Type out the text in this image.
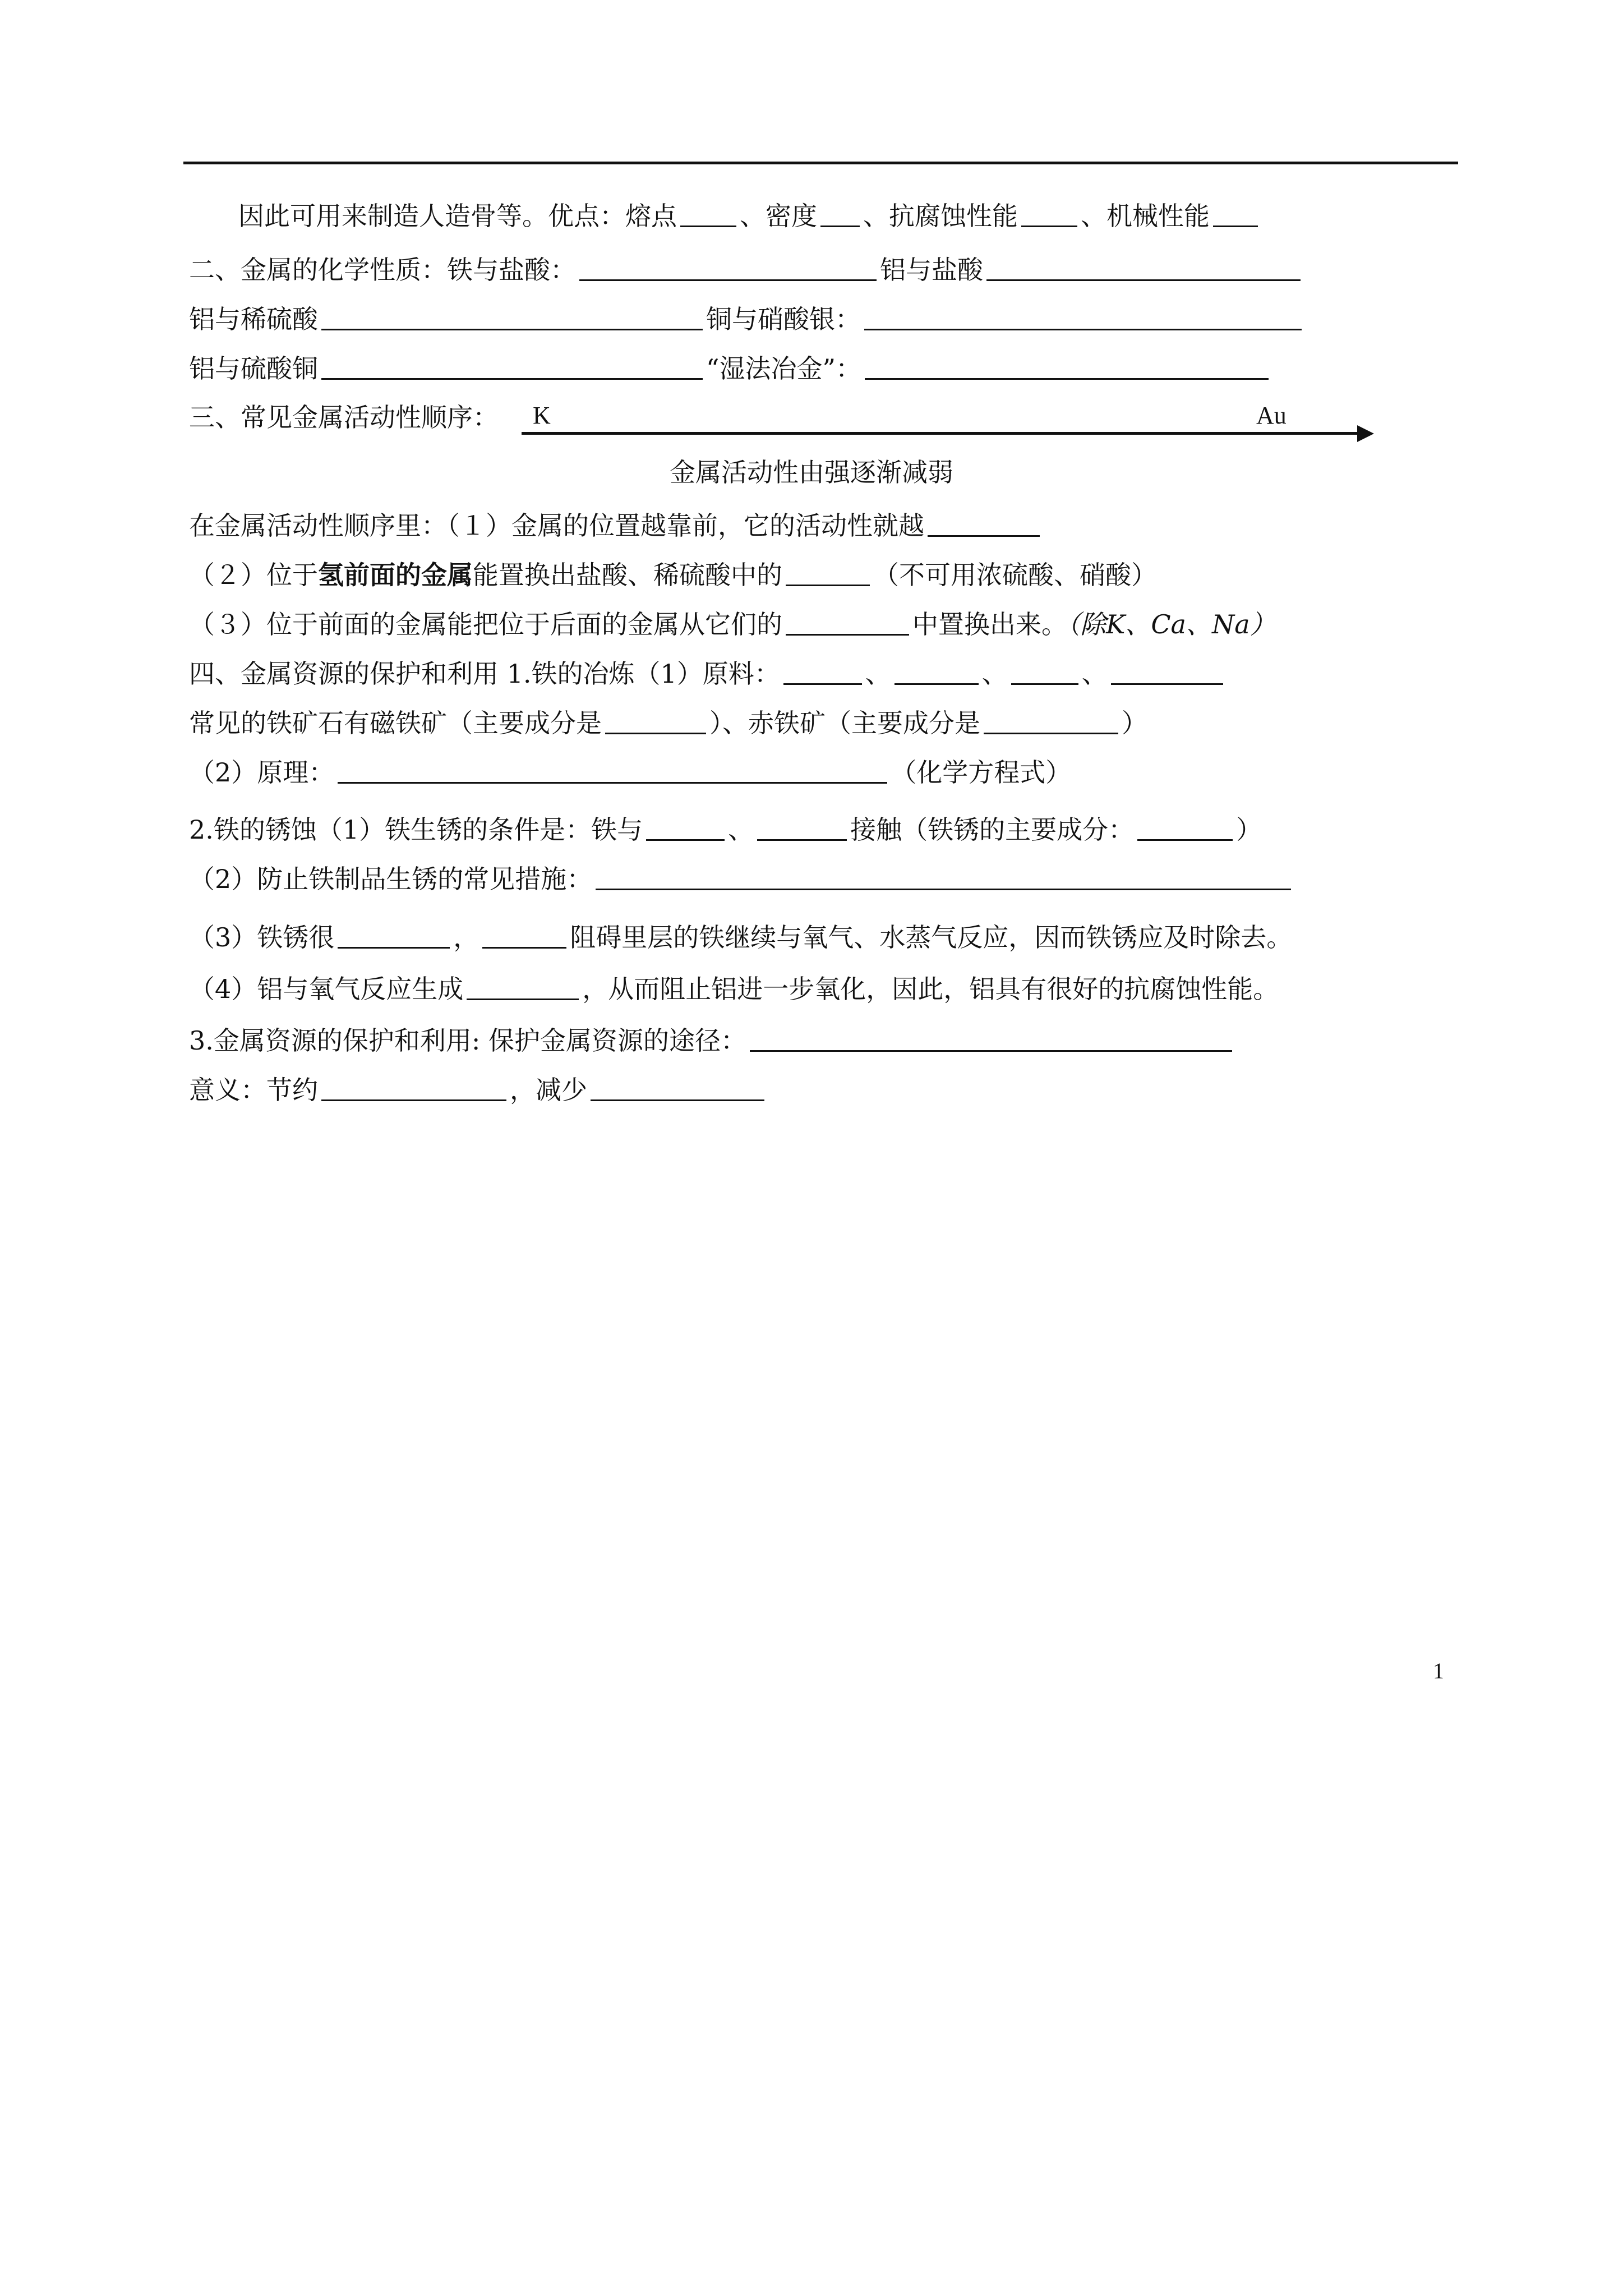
因此可用来制造人造骨等。优点：熔点 、密度 、抗腐蚀性能 、机械性能
二、金属的化学性质：铁与盐酸：	铝与盐酸
铝与稀硫酸	铜与硝酸银：
铝与硫酸铜	“湿法冶金”：
三、常见金属活动性顺序：	K	Au
金属活动性由强逐渐减弱
在金属活动性顺序里：（１）金属的位置越靠前，它的活动性就越
（２）位于氢前面的金属能置换出盐酸、稀硫酸中的	（不可用浓硫酸、硝酸）
（３）位于前面的金属能把位于后面的金属从它们的	中置换出来。（除K、Ca、Na）
四、金属资源的保护和利用 1.铁的冶炼（1）原料：	、	、	、
常见的铁矿石有磁铁矿（主要成分是	）、赤铁矿（主要成分是	）
（2）原理：	（化学方程式）
2.铁的锈蚀（1）铁生锈的条件是：铁与	、	接触（铁锈的主要成分：	）
（2）防止铁制品生锈的常见措施：
（3）铁锈很	，	阻碍里层的铁继续与氧气、水蒸气反应，因而铁锈应及时除去。
（4）铝与氧气反应生成	，从而阻止铝进一步氧化，因此，铝具有很好的抗腐蚀性能。
3.金属资源的保护和利用: 保护金属资源的途径：
意义：节约	，减少
1
